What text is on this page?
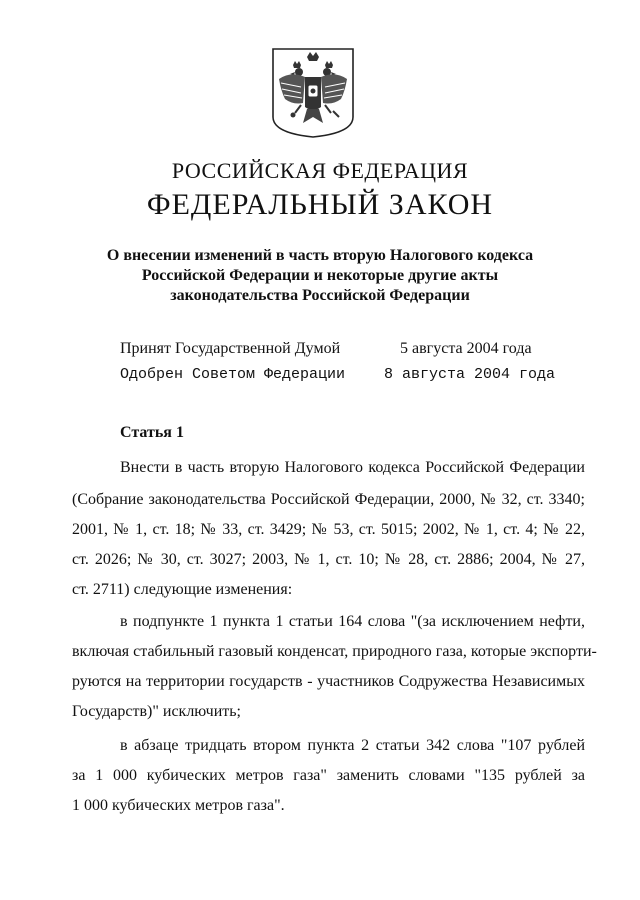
РОССИЙСКАЯ ФЕДЕРАЦИЯ
ФЕДЕРАЛЬНЫЙ ЗАКОН
О внесении изменений в часть вторую Налогового кодекса
Российской Федерации и некоторые другие акты
законодательства Российской Федерации
Принят Государственной Думой	5 августа 2004 года
Одобрен Советом Федерации	8 августа 2004 года
Статья 1
Внести в часть вторую Налогового кодекса Российской Федерации
(Собрание законодательства Российской Федерации, 2000, № 32, ст. 3340;
2001, № 1, ст. 18; № 33, ст. 3429; № 53, ст. 5015; 2002, № 1, ст. 4; № 22,
ст. 2026; № 30, ст. 3027; 2003, № 1, ст. 10; № 28, ст. 2886; 2004, № 27,
ст. 2711) следующие изменения:
в подпункте 1 пункта 1 статьи 164 слова "(за исключением нефти,
включая стабильный газовый конденсат, природного газа, которые экспорти-
руются на территории государств - участников Содружества Независимых
Государств)" исключить;
в абзаце тридцать втором пункта 2 статьи 342 слова "107 рублей
за 1 000 кубических метров газа" заменить словами "135 рублей за
1 000 кубических метров газа".
